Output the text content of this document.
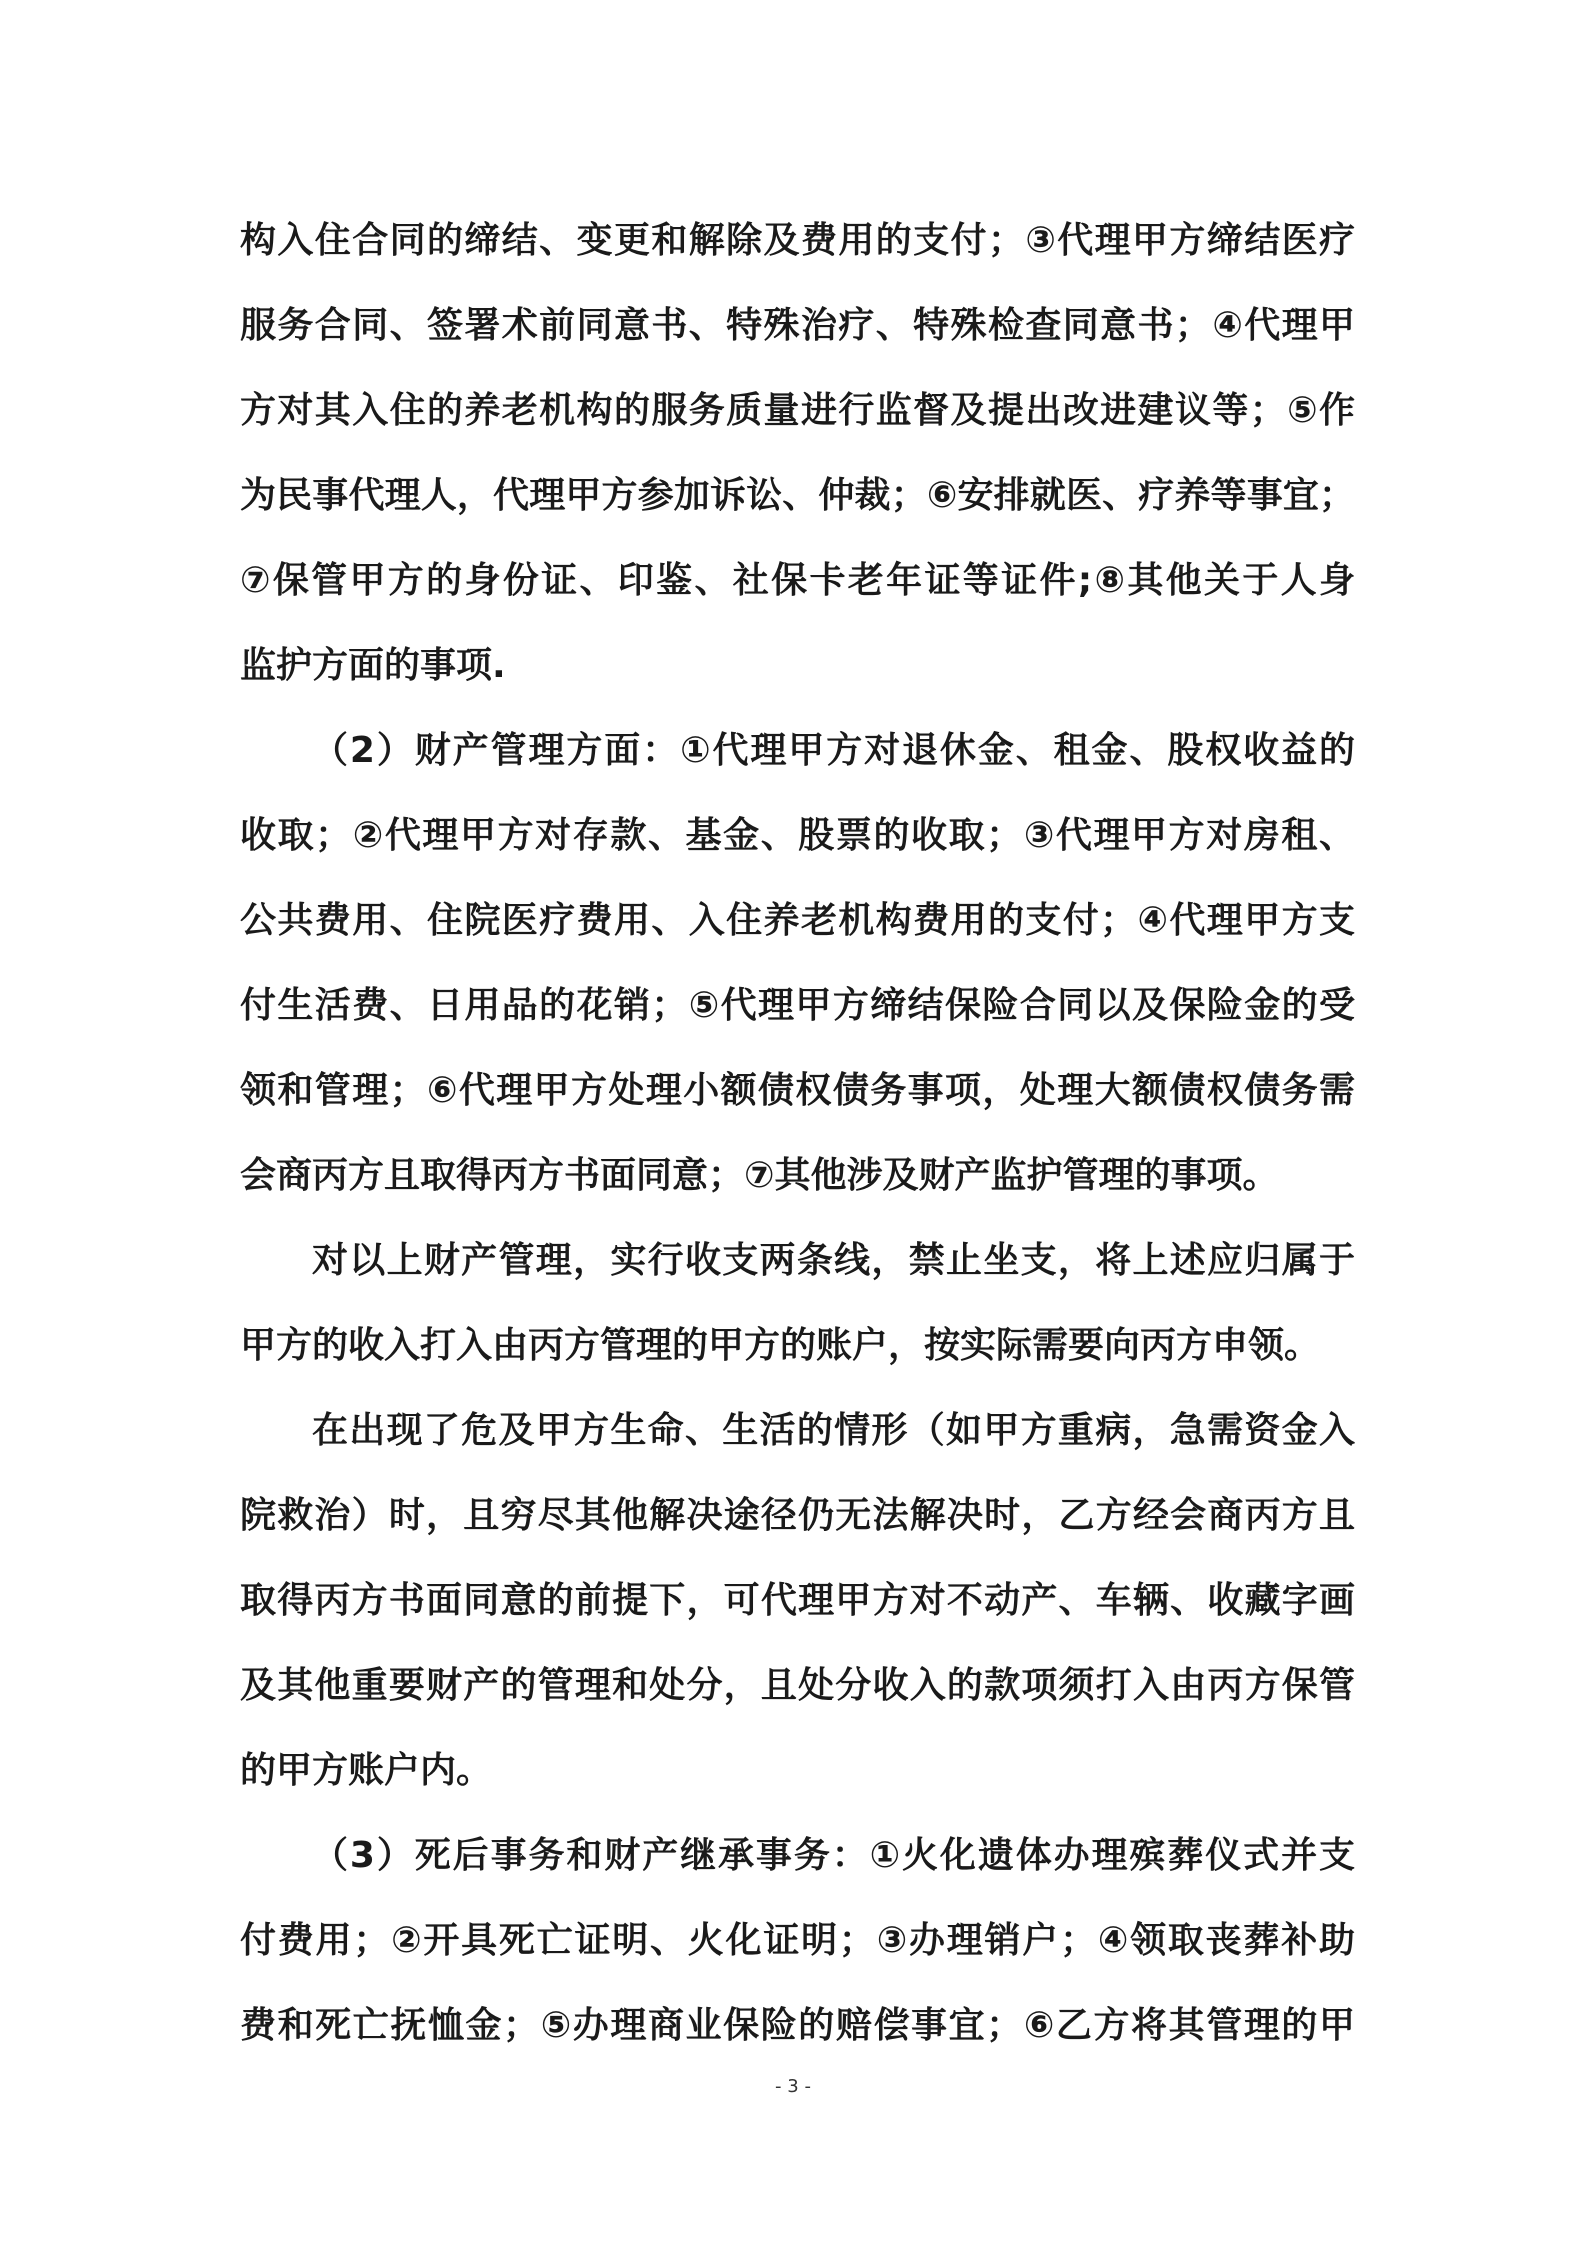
构入住合同的缔结、变更和解除及费用的支付；③代理甲方缔结医疗
服务合同、签署术前同意书、特殊治疗、特殊检查同意书；④代理甲
方对其入住的养老机构的服务质量进行监督及提出改进建议等；⑤作
为民事代理人，代理甲方参加诉讼、仲裁；⑥安排就医、疗养等事宜；
⑦保管甲方的身份证、印鉴、社保卡老年证等证件;⑧其他关于人身
监护方面的事项.
（2）财产管理方面：①代理甲方对退休金、租金、股权收益的
收取；②代理甲方对存款、基金、股票的收取；③代理甲方对房租、
公共费用、住院医疗费用、入住养老机构费用的支付；④代理甲方支
付生活费、日用品的花销；⑤代理甲方缔结保险合同以及保险金的受
领和管理；⑥代理甲方处理小额债权债务事项，处理大额债权债务需
会商丙方且取得丙方书面同意；⑦其他涉及财产监护管理的事项。
对以上财产管理，实行收支两条线，禁止坐支，将上述应归属于
甲方的收入打入由丙方管理的甲方的账户，按实际需要向丙方申领。
在出现了危及甲方生命、生活的情形（如甲方重病，急需资金入
院救治）时，且穷尽其他解决途径仍无法解决时，乙方经会商丙方且
取得丙方书面同意的前提下，可代理甲方对不动产、车辆、收藏字画
及其他重要财产的管理和处分，且处分收入的款项须打入由丙方保管
的甲方账户内。
（3）死后事务和财产继承事务：①火化遗体办理殡葬仪式并支
付费用；②开具死亡证明、火化证明；③办理销户；④领取丧葬补助
费和死亡抚恤金；⑤办理商业保险的赔偿事宜；⑥乙方将其管理的甲
- 3 -
